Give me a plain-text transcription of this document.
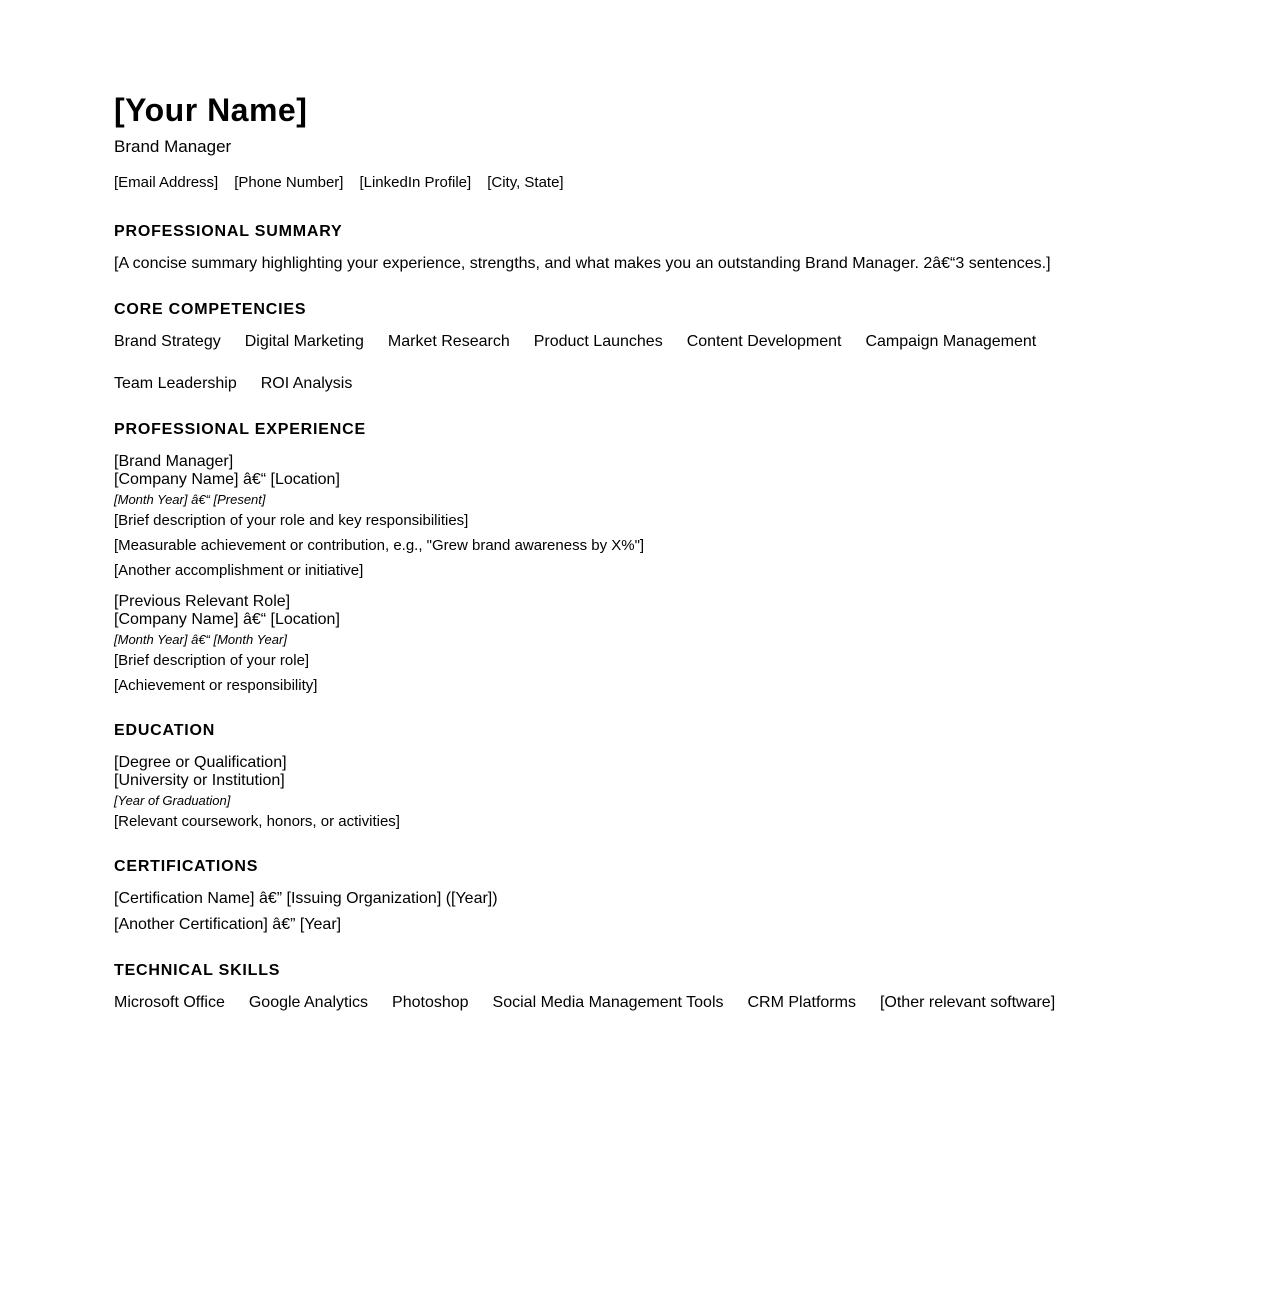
[Your Name]
Brand Manager
[Email Address] [Phone Number] [LinkedIn Profile] [City, State]
PROFESSIONAL SUMMARY
[A concise summary highlighting your experience, strengths, and what makes you an outstanding Brand Manager. 2â€“3 sentences.]
CORE COMPETENCIES
Brand Strategy Digital Marketing Market Research Product Launches Content Development Campaign Management
Team Leadership ROI Analysis
PROFESSIONAL EXPERIENCE
[Brand Manager]
[Company Name] â€“ [Location]
[Month Year] â€“ [Present]
[Brief description of your role and key responsibilities]
[Measurable achievement or contribution, e.g., "Grew brand awareness by X%"]
[Another accomplishment or initiative]
[Previous Relevant Role]
[Company Name] â€“ [Location]
[Month Year] â€“ [Month Year]
[Brief description of your role]
[Achievement or responsibility]
EDUCATION
[Degree or Qualification]
[University or Institution]
[Year of Graduation]
[Relevant coursework, honors, or activities]
CERTIFICATIONS
[Certification Name] â€” [Issuing Organization] ([Year])
[Another Certification] â€” [Year]
TECHNICAL SKILLS
Microsoft Office Google Analytics Photoshop Social Media Management Tools CRM Platforms [Other relevant software]
